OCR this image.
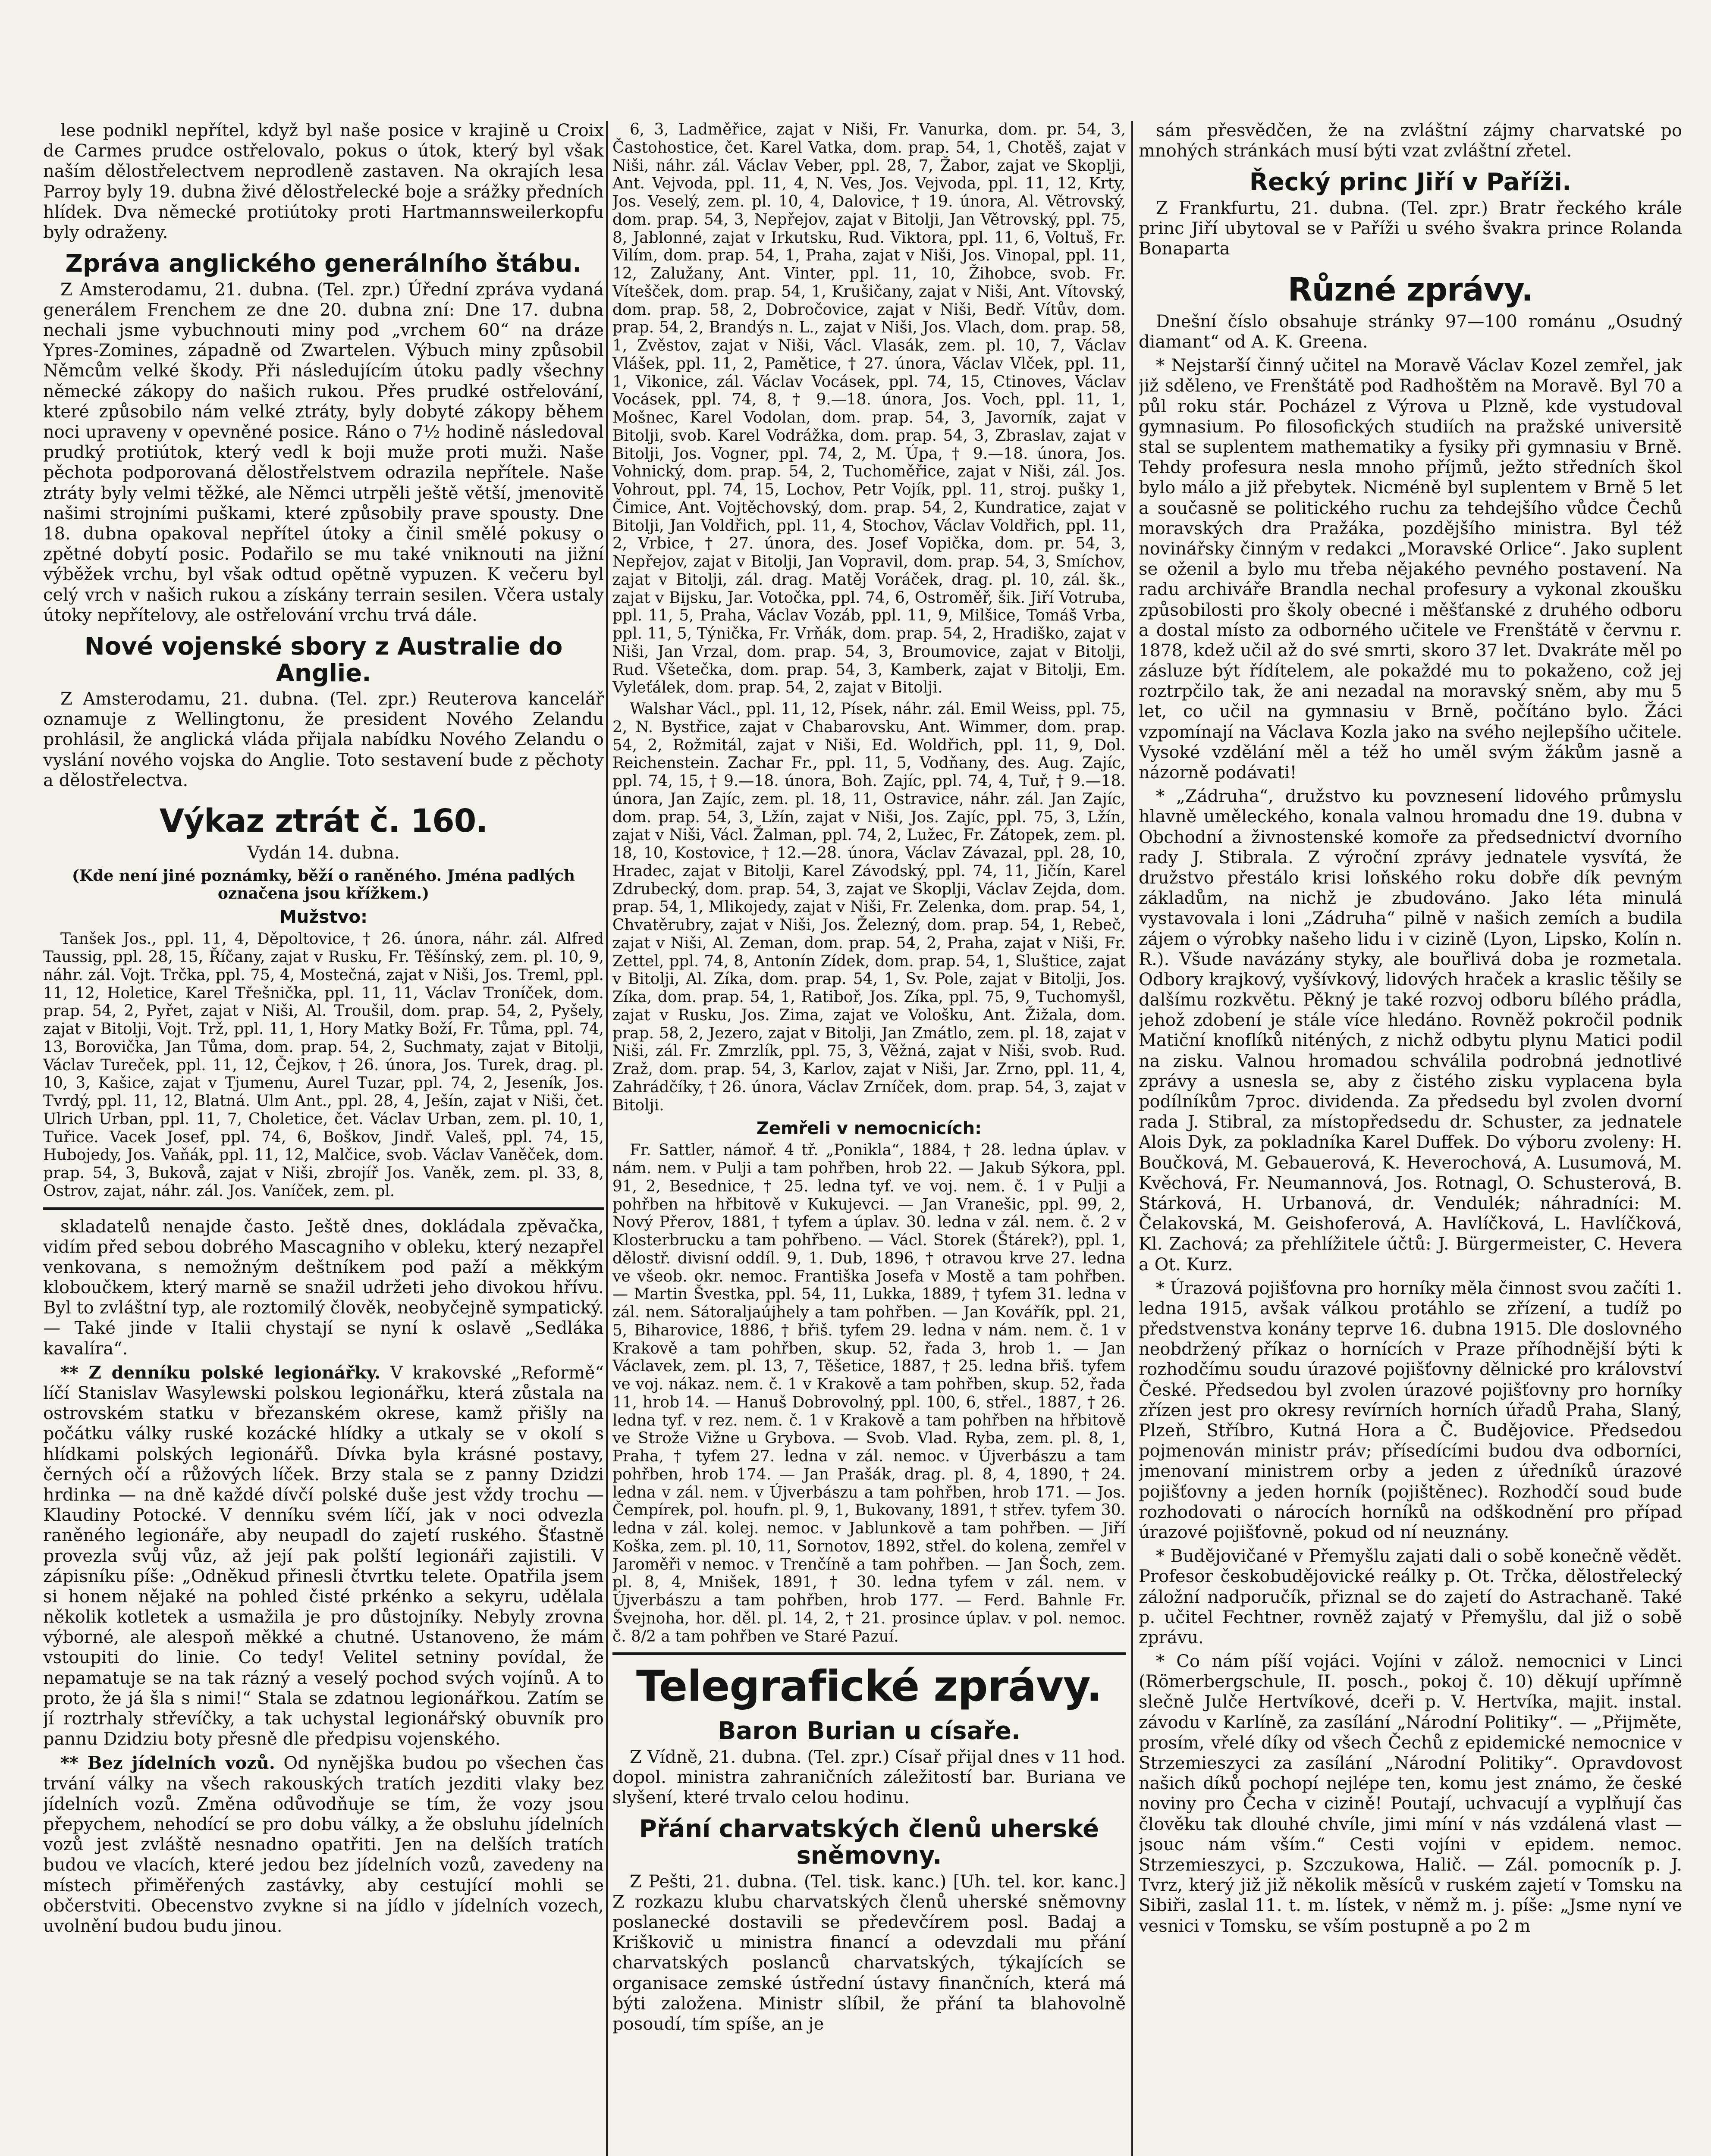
lese podnikl nepřítel, když byl naše posice v krajině u Croix de Carmes prudce ostřelovalo, pokus o útok, který byl však naším dělostřelectvem neprodleně zastaven. Na okrajích lesa Parroy byly 19. dubna živé dělostřelecké boje a srážky předních hlídek. Dva německé protiútoky proti Hartmannsweilerkopfu byly odraženy.

Zpráva anglického generálního štábu.

Z Amsterodamu, 21. dubna. (Tel. zpr.) Úřední zpráva vydaná generálem Frenchem ze dne 20. dubna zní: Dne 17. dubna nechali jsme vybuchnouti miny pod „vrchem 60“ na dráze Ypres-Zomines, západně od Zwartelen. Výbuch miny způsobil Němcům velké škody. Při následujícím útoku padly všechny německé zákopy do našich rukou. Přes prudké ostřelování, které způsobilo nám velké ztráty, byly dobyté zákopy během noci upraveny v opevněné posice. Ráno o 7½ hodině následoval prudký protiútok, který vedl k boji muže proti muži. Naše pěchota podporovaná dělostřelstvem odrazila nepřítele. Naše ztráty byly velmi těžké, ale Němci utrpěli ještě větší, jmenovitě našimi strojními puškami, které způsobily prave spousty. Dne 18. dubna opakoval nepřítel útoky a činil smělé pokusy o zpětné dobytí posic. Podařilo se mu také vniknouti na jižní výběžek vrchu, byl však odtud opětně vypuzen. K večeru byl celý vrch v našich rukou a získány terrain sesilen. Včera ustaly útoky nepřítelovy, ale ostřelování vrchu trvá dále.

Nové vojenské sbory z Australie do Anglie.

Z Amsterodamu, 21. dubna. (Tel. zpr.) Reuterova kancelář oznamuje z Wellingtonu, že president Nového Zelandu prohlásil, že anglická vláda přijala nabídku Nového Zelandu o vyslání nového vojska do Anglie. Toto sestavení bude z pěchoty a dělostřelectva.

Výkaz ztrát č. 160.

Vydán 14. dubna.

(Kde není jiné poznámky, běží o raněného. Jména padlých označena jsou křížkem.)

Mužstvo:

Tanšek Jos., ppl. 11, 4, Děpoltovice, † 26. února, náhr. zál. Alfred Taussig, ppl. 28, 15, Říčany, zajat v Rusku, Fr. Těšínský, zem. pl. 10, 9, náhr. zál. Vojt. Trčka, ppl. 75, 4, Mostečná, zajat v Niši, Jos. Treml, ppl. 11, 12, Holetice, Karel Třešnička, ppl. 11, 11, Václav Troníček, dom. prap. 54, 2, Pyřet, zajat v Niši, Al. Troušil, dom. prap. 54, 2, Pyšely, zajat v Bitolji, Vojt. Trž, ppl. 11, 1, Hory Matky Boží, Fr. Tůma, ppl. 74, 13, Borovička, Jan Tůma, dom. prap. 54, 2, Suchmaty, zajat v Bitolji, Václav Tureček, ppl. 11, 12, Čejkov, † 26. února, Jos. Turek, drag. pl. 10, 3, Kašice, zajat v Tjumenu, Aurel Tuzar, ppl. 74, 2, Jeseník, Jos. Tvrdý, ppl. 11, 12, Blatná. Ulm Ant., ppl. 28, 4, Ješín, zajat v Niši, čet. Ulrich Urban, ppl. 11, 7, Choletice, čet. Václav Urban, zem. pl. 10, 1, Tuřice. Vacek Josef, ppl. 74, 6, Boškov, Jindř. Valeš, ppl. 74, 15, Hubojedy, Jos. Vaňák, ppl. 11, 12, Malčice, svob. Václav Vaněček, dom. prap. 54, 3, Bukovå, zajat v Niši, zbrojíř Jos. Vaněk, zem. pl. 33, 8, Ostrov, zajat, náhr. zál. Jos. Vaníček, zem. pl.

skladatelů nenajde často. Ještě dnes, dokládala zpěvačka, vidím před sebou dobrého Mascagniho v obleku, který nezapřel venkovana, s nemožným deštníkem pod paží a měkkým kloboučkem, který marně se snažil udržeti jeho divokou hřívu. Byl to zvláštní typ, ale roztomilý člověk, neobyčejně sympatický. — Také jinde v Italii chystají se nyní k oslavě „Sedláka kavalíra“.

** Z denníku polské legionářky. V krakovské „Reformě“ líčí Stanislav Wasylewski polskou legionářku, která zůstala na ostrovském statku v březanském okrese, kamž přišly na počátku války ruské kozácké hlídky a utkaly se v okolí s hlídkami polských legionářů. Dívka byla krásné postavy, černých očí a růžových líček. Brzy stala se z panny Dzidzi hrdinka — na dně každé dívčí polské duše jest vždy trochu — Klaudiny Potocké. V denníku svém líčí, jak v noci odvezla raněného legionáře, aby neupadl do zajetí ruského. Šťastně provezla svůj vůz, až její pak polští legionáři zajistili. V zápisníku píše: „Odněkud přinesli čtvrtku telete. Opatřila jsem si honem nějaké na pohled čisté prkénko a sekyru, udělala několik kotletek a usmažila je pro důstojníky. Nebyly zrovna výborné, ale alespoň měkké a chutné. Ustanoveno, že mám vstoupiti do linie. Co tedy! Velitel setniny povídal, že nepamatuje se na tak rázný a veselý pochod svých vojínů. A to proto, že já šla s nimi!“ Stala se zdatnou legionářkou. Zatím se jí roztrhaly střevíčky, a tak uchystal legionářský obuvník pro pannu Dzidziu boty přesně dle předpisu vojenského.

** Bez jídelních vozů. Od nynějška budou po všechen čas trvání války na všech rakouských tratích jezditi vlaky bez jídelních vozů. Změna odůvodňuje se tím, že vozy jsou přepychem, nehodící se pro dobu války, a že obsluhu jídelních vozů jest zvláště nesnadno opatřiti. Jen na delších tratích budou ve vlacích, které jedou bez jídelních vozů, zavedeny na místech přiměřených zastávky, aby cestující mohli se občerstviti. Obecenstvo zvykne si na jídlo v jídelních vozech, uvolnění budou budu jinou.

6, 3, Ladměřice, zajat v Niši, Fr. Vanurka, dom. pr. 54, 3, Častohostice, čet. Karel Vatka, dom. prap. 54, 1, Chotěš, zajat v Niši, náhr. zál. Václav Veber, ppl. 28, 7, Žabor, zajat ve Skoplji, Ant. Vejvoda, ppl. 11, 4, N. Ves, Jos. Vejvoda, ppl. 11, 12, Krty, Jos. Veselý, zem. pl. 10, 4, Dalovice, † 19. února, Al. Větrovský, dom. prap. 54, 3, Nepřejov, zajat v Bitolji, Jan Větrovský, ppl. 75, 8, Jablonné, zajat v Irkutsku, Rud. Viktora, ppl. 11, 6, Voltuš, Fr. Vilím, dom. prap. 54, 1, Praha, zajat v Niši, Jos. Vinopal, ppl. 11, 12, Zalužany, Ant. Vinter, ppl. 11, 10, Žihobce, svob. Fr. Vítešček, dom. prap. 54, 1, Krušičany, zajat v Niši, Ant. Vítovský, dom. prap. 58, 2, Dobročovice, zajat v Niši, Bedř. Vítův, dom. prap. 54, 2, Brandýs n. L., zajat v Niši, Jos. Vlach, dom. prap. 58, 1, Zvěstov, zajat v Niši, Václ. Vlasák, zem. pl. 10, 7, Václav Vlášek, ppl. 11, 2, Pamětice, † 27. února, Václav Vlček, ppl. 11, 1, Vikonice, zál. Václav Vocásek, ppl. 74, 15, Ctinoves, Václav Vocásek, ppl. 74, 8, † 9.—18. února, Jos. Voch, ppl. 11, 1, Mošnec, Karel Vodolan, dom. prap. 54, 3, Javorník, zajat v Bitolji, svob. Karel Vodrážka, dom. prap. 54, 3, Zbraslav, zajat v Bitolji, Jos. Vogner, ppl. 74, 2, M. Úpa, † 9.—18. února, Jos. Vohnický, dom. prap. 54, 2, Tuchoměřice, zajat v Niši, zál. Jos. Vohrout, ppl. 74, 15, Lochov, Petr Vojík, ppl. 11, stroj. pušky 1, Čimice, Ant. Vojtěchovský, dom. prap. 54, 2, Kundratice, zajat v Bitolji, Jan Voldřich, ppl. 11, 4, Stochov, Václav Voldřich, ppl. 11, 2, Vrbice, † 27. února, des. Josef Vopička, dom. pr. 54, 3, Nepřejov, zajat v Bitolji, Jan Vopravil, dom. prap. 54, 3, Smíchov, zajat v Bitolji, zál. drag. Matěj Voráček, drag. pl. 10, zál. šk., zajat v Bijsku, Jar. Votočka, ppl. 74, 6, Ostroměř, šik. Jiří Votruba, ppl. 11, 5, Praha, Václav Vozáb, ppl. 11, 9, Milšice, Tomáš Vrba, ppl. 11, 5, Týnička, Fr. Vrňák, dom. prap. 54, 2, Hradiško, zajat v Niši, Jan Vrzal, dom. prap. 54, 3, Broumovice, zajat v Bitolji, Rud. Všetečka, dom. prap. 54, 3, Kamberk, zajat v Bitolji, Em. Vyleťálek, dom. prap. 54, 2, zajat v Bitolji.

Walshar Václ., ppl. 11, 12, Písek, náhr. zál. Emil Weiss, ppl. 75, 2, N. Bystřice, zajat v Chabarovsku, Ant. Wimmer, dom. prap. 54, 2, Rožmitál, zajat v Niši, Ed. Woldřich, ppl. 11, 9, Dol. Reichenstein. Zachar Fr., ppl. 11, 5, Vodňany, des. Aug. Zajíc, ppl. 74, 15, † 9.—18. února, Boh. Zajíc, ppl. 74, 4, Tuř, † 9.—18. února, Jan Zajíc, zem. pl. 18, 11, Ostravice, náhr. zál. Jan Zajíc, dom. prap. 54, 3, Lžín, zajat v Niši, Jos. Zajíc, ppl. 75, 3, Lžín, zajat v Niši, Václ. Žalman, ppl. 74, 2, Lužec, Fr. Zátopek, zem. pl. 18, 10, Kostovice, † 12.—28. února, Václav Závazal, ppl. 28, 10, Hradec, zajat v Bitolji, Karel Závodský, ppl. 74, 11, Jičín, Karel Zdrubecký, dom. prap. 54, 3, zajat ve Skoplji, Václav Zejda, dom. prap. 54, 1, Mlikojedy, zajat v Niši, Fr. Zelenka, dom. prap. 54, 1, Chvatěrubry, zajat v Niši, Jos. Železný, dom. prap. 54, 1, Rebeč, zajat v Niši, Al. Zeman, dom. prap. 54, 2, Praha, zajat v Niši, Fr. Zettel, ppl. 74, 8, Antonín Zídek, dom. prap. 54, 1, Sluštice, zajat v Bitolji, Al. Zíka, dom. prap. 54, 1, Sv. Pole, zajat v Bitolji, Jos. Zíka, dom. prap. 54, 1, Ratiboř, Jos. Zíka, ppl. 75, 9, Tuchomyšl, zajat v Rusku, Jos. Zima, zajat ve Vološku, Ant. Žižala, dom. prap. 58, 2, Jezero, zajat v Bitolji, Jan Zmátlo, zem. pl. 18, zajat v Niši, zál. Fr. Zmrzlík, ppl. 75, 3, Věžná, zajat v Niši, svob. Rud. Zraž, dom. prap. 54, 3, Karlov, zajat v Niši, Jar. Zrno, ppl. 11, 4, Zahrádčíky, † 26. února, Václav Zrníček, dom. prap. 54, 3, zajat v Bitolji.

Zemřeli v nemocnicích:

Fr. Sattler, námoř. 4 tř. „Ponikla“, 1884, † 28. ledna úplav. v nám. nem. v Pulji a tam pohřben, hrob 22. — Jakub Sýkora, ppl. 91, 2, Besednice, † 25. ledna tyf. ve voj. nem. č. 1 v Pulji a pohřben na hřbitově v Kukujevci. — Jan Vranešic, ppl. 99, 2, Nový Přerov, 1881, † tyfem a úplav. 30. ledna v zál. nem. č. 2 v Klosterbrucku a tam pohřbeno. — Václ. Storek (Štárek?), ppl. 1, dělostř. divisní oddíl. 9, 1. Dub, 1896, † otravou krve 27. ledna ve všeob. okr. nemoc. Františka Josefa v Mostě a tam pohřben. — Martin Švestka, ppl. 54, 11, Lukka, 1889, † tyfem 31. ledna v zál. nem. Sátoraljaújhely a tam pohřben. — Jan Kovářík, ppl. 21, 5, Biharovice, 1886, † břiš. tyfem 29. ledna v nám. nem. č. 1 v Krakově a tam pohřben, skup. 52, řada 3, hrob 1. — Jan Václavek, zem. pl. 13, 7, Těšetice, 1887, † 25. ledna břiš. tyfem ve voj. nákaz. nem. č. 1 v Krakově a tam pohřben, skup. 52, řada 11, hrob 14. — Hanuš Dobrovolný, ppl. 100, 6, střel., 1887, † 26. ledna tyf. v rez. nem. č. 1 v Krakově a tam pohřben na hřbitově ve Strože Vižne u Grybova. — Svob. Vlad. Ryba, zem. pl. 8, 1, Praha, † tyfem 27. ledna v zál. nemoc. v Újverbászu a tam pohřben, hrob 174. — Jan Prašák, drag. pl. 8, 4, 1890, † 24. ledna v zál. nem. v Újverbászu a tam pohřben, hrob 171. — Jos. Čempírek, pol. houfn. pl. 9, 1, Bukovany, 1891, † střev. tyfem 30. ledna v zál. kolej. nemoc. v Jablunkově a tam pohřben. — Jiří Koška, zem. pl. 10, 11, Sornotov, 1892, střel. do kolena, zemřel v Jaroměři v nemoc. v Trenčíně a tam pohřben. — Jan Šoch, zem. pl. 8, 4, Mnišek, 1891, † 30. ledna tyfem v zál. nem. v Újverbászu a tam pohřben, hrob 177. — Ferd. Bahnle Fr. Švejnoha, hor. děl. pl. 14, 2, † 21. prosince úplav. v pol. nemoc. č. 8/2 a tam pohřben ve Staré Pazuí.

Telegrafické zprávy.
Baron Burian u císaře.

Z Vídně, 21. dubna. (Tel. zpr.) Císař přijal dnes v 11 hod. dopol. ministra zahraničních záležitostí bar. Buriana ve slyšení, které trvalo celou hodinu.

Přání charvatských členů uherské sněmovny.

Z Pešti, 21. dubna. (Tel. tisk. kanc.) [Uh. tel. kor. kanc.] Z rozkazu klubu charvatských členů uherské sněmovny poslanecké dostavili se předevčírem posl. Badaj a Kriškovič u ministra financí a odevzdali mu přání charvatských poslanců charvatských, týkajících se organisace zemské ústřední ústavy finančních, která má býti založena. Ministr slíbil, že přání ta blahovolně posoudí, tím spíše, an je

sám přesvědčen, že na zvláštní zájmy charvatské po mnohých stránkách musí býti vzat zvláštní zřetel.

Řecký princ Jiří v Paříži.

Z Frankfurtu, 21. dubna. (Tel. zpr.) Bratr řeckého krále princ Jiří ubytoval se v Paříži u svého švakra prince Rolanda Bonaparta

Různé zprávy.

Dnešní číslo obsahuje stránky 97—100 románu „Osudný diamant“ od A. K. Greena.

* Nejstarší činný učitel na Moravě Václav Kozel zemřel, jak již sděleno, ve Frenštátě pod Radhoštěm na Moravě. Byl 70 a půl roku stár. Pocházel z Výrova u Plzně, kde vystudoval gymnasium. Po filosofických studiích na pražské universitě stal se suplentem mathematiky a fysiky při gymnasiu v Brně. Tehdy profesura nesla mnoho příjmů, ježto středních škol bylo málo a již přebytek. Nicméně byl suplentem v Brně 5 let a současně se politického ruchu za tehdejšího vůdce Čechů moravských dra Pražáka, pozdějšího ministra. Byl též novinářsky činným v redakci „Moravské Orlice“. Jako suplent se oženil a bylo mu třeba nějakého pevného postavení. Na radu archiváře Brandla nechal profesury a vykonal zkoušku způsobilosti pro školy obecné i měšťanské z druhého odboru a dostal místo za odborného učitele ve Frenštátě v červnu r. 1878, kdež učil až do své smrti, skoro 37 let. Dvakráte měl po zásluze být řídítelem, ale pokaždé mu to pokaženo, což jej roztrpčilo tak, že ani nezadal na moravský sněm, aby mu 5 let, co učil na gymnasiu v Brně, počítáno bylo. Žáci vzpomínají na Václava Kozla jako na svého nejlepšího učitele. Vysoké vzdělání měl a též ho uměl svým žákům jasně a názorně podávati!

* „Zádruha“, družstvo ku povznesení lidového průmyslu hlavně uměleckého, konala valnou hromadu dne 19. dubna v Obchodní a živnostenské komoře za předsednictví dvorního rady J. Stibrala. Z výroční zprávy jednatele vysvítá, že družstvo přestálo krisi loňského roku dobře dík pevným základům, na nichž je zbudováno. Jako léta minulá vystavovala i loni „Zádruha“ pilně v našich zemích a budila zájem o výrobky našeho lidu i v cizině (Lyon, Lipsko, Kolín n. R.). Všude navázány styky, ale bouřlivá doba je rozmetala. Odbory krajkový, vyšívkový, lidových hraček a kraslic těšily se dalšímu rozkvětu. Pěkný je také rozvoj odboru bílého prádla, jehož zdobení je stále více hledáno. Rovněž pokročil podnik Matiční knoflíků niténých, z nichž odbytu plynu Matici podil na zisku. Valnou hromadou schválila podrobná jednotlivé zprávy a usnesla se, aby z čistého zisku vyplacena byla podílníkům 7proc. dividenda. Za předsedu byl zvolen dvorní rada J. Stibral, za místopředsedu dr. Schuster, za jednatele Alois Dyk, za pokladníka Karel Duffek. Do výboru zvoleny: H. Boučková, M. Gebauerová, K. Heverochová, A. Lusumová, M. Kvěchová, Fr. Neumannová, Jos. Rotnagl, O. Schusterová, B. Stárková, H. Urbanová, dr. Vendulék; náhradníci: M. Čelakovská, M. Geishoferová, A. Havlíčková, L. Havlíčková, Kl. Zachová; za přehlížitele účtů: J. Bürgermeister, C. Hevera a Ot. Kurz.

* Úrazová pojišťovna pro horníky měla činnost svou začíti 1. ledna 1915, avšak válkou protáhlo se zřízení, a tudíž po předstvenstva konány teprve 16. dubna 1915. Dle doslovného neobdržený příkaz o hornících v Praze příhodnější býti k rozhodčímu soudu úrazové pojišťovny dělnické pro království České. Předsedou byl zvolen úrazové pojišťovny pro horníky zřízen jest pro okresy revírních horních úřadů Praha, Slaný, Plzeň, Stříbro, Kutná Hora a Č. Budějovice. Předsedou pojmenován ministr práv; přísedícími budou dva odborníci, jmenovaní ministrem orby a jeden z úředníků úrazové pojišťovny a jeden horník (pojištěnec). Rozhodčí soud bude rozhodovati o nárocích horníků na odškodnění pro případ úrazové pojišťovně, pokud od ní neuznány.

* Budějovičané v Přemyšlu zajati dali o sobě konečně vědět. Profesor českobudějovické reálky p. Ot. Trčka, dělostřelecký záložní nadporučík, přiznal se do zajetí do Astrachaně. Také p. učitel Fechtner, rovněž zajatý v Přemyšlu, dal již o sobě zprávu.

* Co nám píší vojáci. Vojíni v zálož. nemocnici v Linci (Römerbergschule, II. posch., pokoj č. 10) děkují upřímně slečně Julče Hertvíkové, dceři p. V. Hertvíka, majit. instal. závodu v Karlíně, za zasílání „Národní Politiky“. — „Přijměte, prosím, vřelé díky od všech Čechů z epidemické nemocnice v Strzemieszyci za zasílání „Národní Politiky“. Opravdovost našich díků pochopí nejlépe ten, komu jest známo, že české noviny pro Čecha v cizině! Poutají, uchvacují a vyplňují čas člověku tak dlouhé chvíle, jimi míní v nás vzdálená vlast — jsouc nám vším.“ Cesti vojíni v epidem. nemoc. Strzemieszyci, p. Szczukowa, Halič. — Zál. pomocník p. J. Tvrz, který již již několik měsíců v ruském zajetí v Tomsku na Sibiři, zaslal 11. t. m. lístek, v němž m. j. píše: „Jsme nyní ve vesnici v Tomsku, se vším postupně a po 2 m
